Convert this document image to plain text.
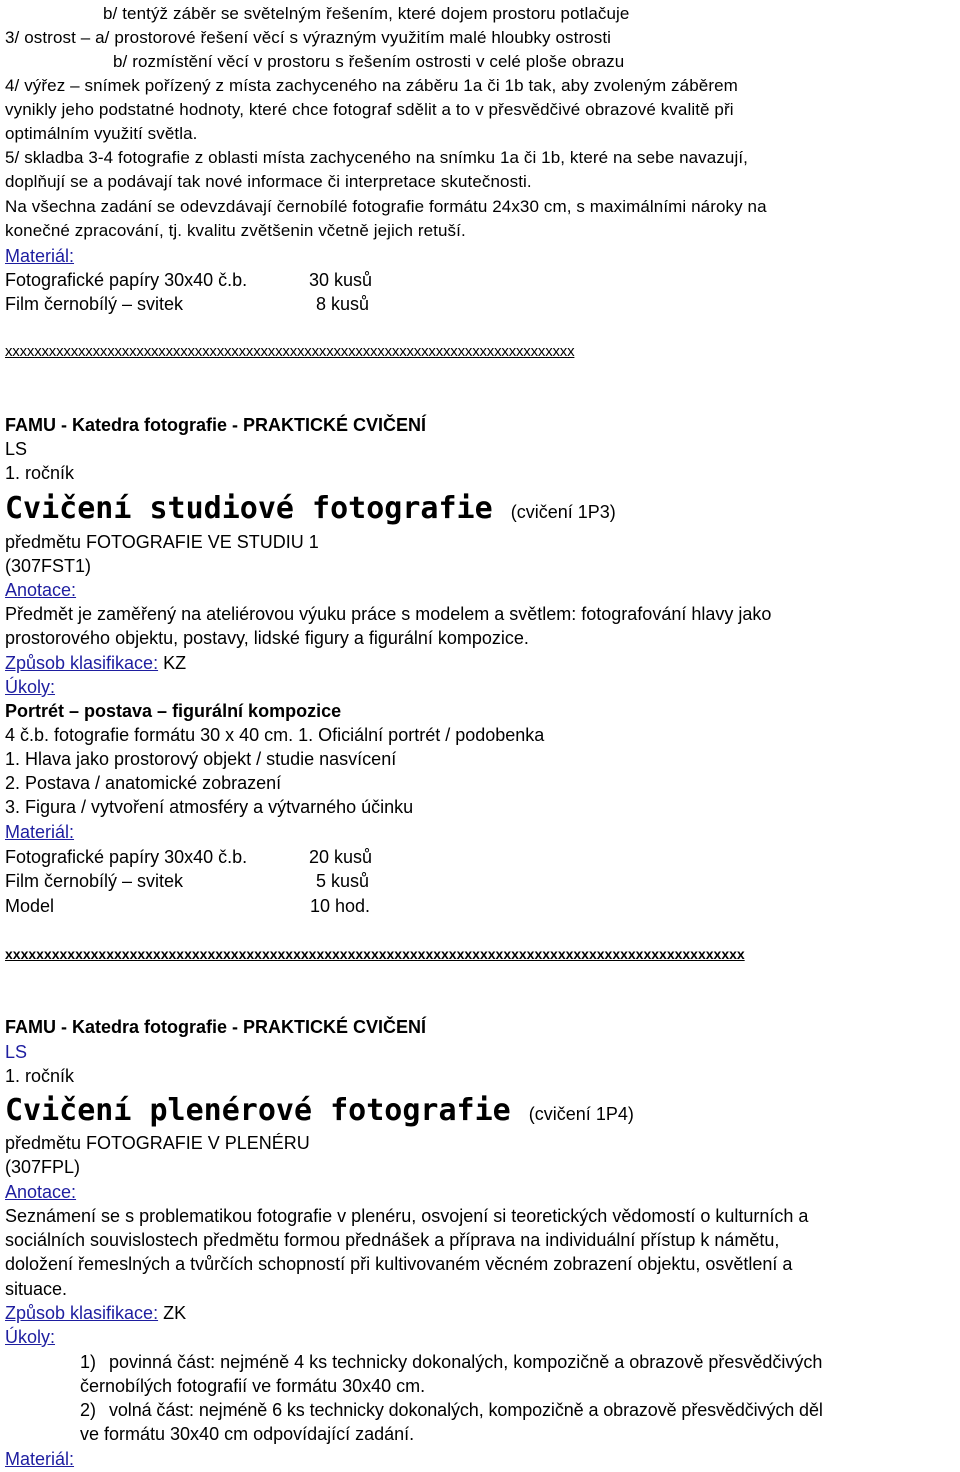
b/ tentýž záběr se světelným řešením, které dojem prostoru potlačuje
3/ ostrost – a/ prostorové řešení věcí s výrazným využitím malé hloubky ostrosti
b/ rozmístění věcí v prostoru s řešením ostrosti v celé ploše obrazu
4/ výřez – snímek pořízený z místa zachyceného na záběru 1a či 1b tak, aby zvoleným záběrem
vynikly jeho podstatné hodnoty, které chce fotograf sdělit a to v přesvědčivé obrazové kvalitě při
optimálním využití světla.
5/ skladba 3-4 fotografie z oblasti místa zachyceného na snímku 1a či 1b, které na sebe navazují,
doplňují se a podávají tak nové informace či interpretace skutečnosti.
Na všechna zadání se odevzdávají černobílé fotografie formátu 24x30 cm, s maximálními nároky na
konečné zpracování, tj. kvalitu zvětšenin včetně jejich retuší.
Materiál:
Fotografické papíry 30x40 č.b.	30 kusů
Film černobílý – svitek	8 kusů
xxxxxxxxxxxxxxxxxxxxxxxxxxxxxxxxxxxxxxxxxxxxxxxxxxxxxxxxxxxxxxxxxxxxxxxxxxxxxx
FAMU - Katedra fotografie - PRAKTICKÉ CVIČENÍ
LS
1. ročník
Cvičení studiové fotografie (cvičení 1P3)
předmětu FOTOGRAFIE VE STUDIU 1
(307FST1)
Anotace:
Předmět je zaměřený na ateliérovou výuku práce s modelem a světlem: fotografování hlavy jako
prostorového objektu, postavy, lidské figury a figurální kompozice.
Způsob klasifikace: KZ
Úkoly:
Portrét – postava – figurální kompozice
4 č.b. fotografie formátu 30 x 40 cm. 1. Oficiální portrét / podobenka
1. Hlava jako prostorový objekt / studie nasvícení
2. Postava / anatomické zobrazení
3. Figura / vytvoření atmosféry a výtvarného účinku
Materiál:
Fotografické papíry 30x40 č.b.	20 kusů
Film černobílý – svitek	5 kusů
Model	10 hod.
xxxxxxxxxxxxxxxxxxxxxxxxxxxxxxxxxxxxxxxxxxxxxxxxxxxxxxxxxxxxxxxxxxxxxxxxxxxxxxxxxxxxxxxxxxxxxxx
FAMU - Katedra fotografie - PRAKTICKÉ CVIČENÍ
LS
1. ročník
Cvičení plenérové fotografie (cvičení 1P4)
předmětu FOTOGRAFIE V PLENÉRU
(307FPL)
Anotace:
Seznámení se s problematikou fotografie v plenéru, osvojení si teoretických vědomostí o kulturních a
sociálních souvislostech předmětu formou přednášek a příprava na individuální přístup k námětu,
doložení řemeslných a tvůrčích schopností při kultivovaném věcném zobrazení objektu, osvětlení a
situace.
Způsob klasifikace: ZK
Úkoly:
1) povinná část: nejméně 4 ks technicky dokonalých, kompozičně a obrazově přesvědčivých
černobílých fotografií ve formátu 30x40 cm.
2) volná část: nejméně 6 ks technicky dokonalých, kompozičně a obrazově přesvědčivých děl
ve formátu 30x40 cm odpovídající zadání.
Materiál:
